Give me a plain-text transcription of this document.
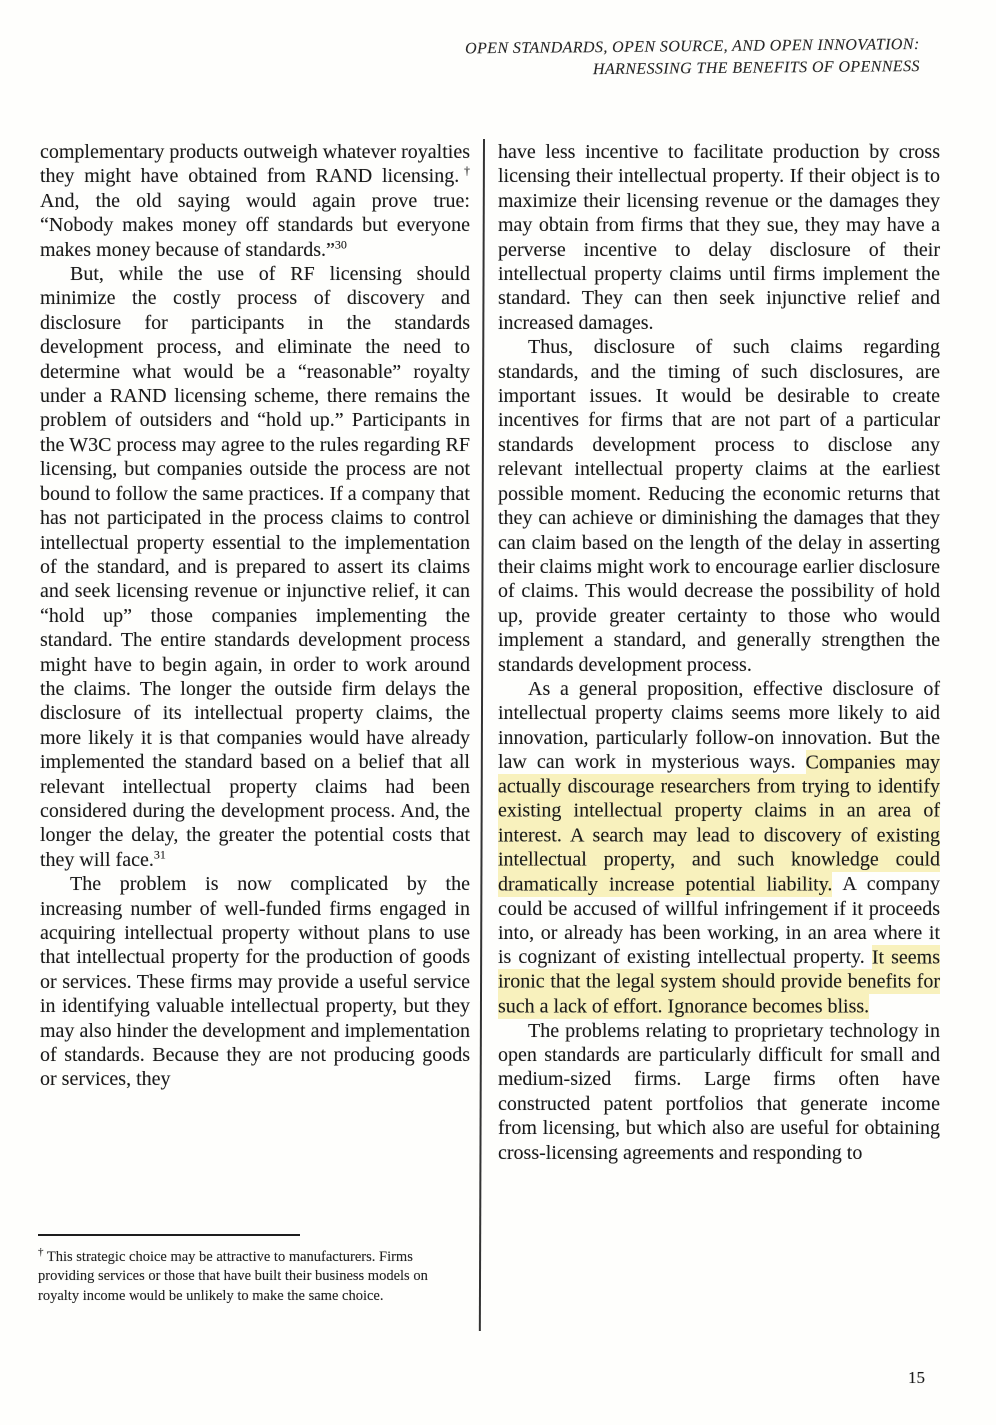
OPEN STANDARDS, OPEN SOURCE, AND OPEN INNOVATION:
HARNESSING THE BENEFITS OF OPENNESS

complementary products outweigh whatever royalties they might have obtained from RAND licensing.† And, the old saying would again prove true: “Nobody makes money off standards but everyone makes money because of standards.”$^{30}$

But, while the use of RF licensing should minimize the costly process of discovery and disclosure for participants in the standards development process, and eliminate the need to determine what would be a “reasonable” royalty under a RAND licensing scheme, there remains the problem of outsiders and “hold up.” Participants in the W3C process may agree to the rules regarding RF licensing, but companies outside the process are not bound to follow the same practices. If a company that has not participated in the process claims to control intellectual property essential to the implementation of the standard, and is prepared to assert its claims and seek licensing revenue or injunctive relief, it can “hold up” those companies implementing the standard. The entire standards development process might have to begin again, in order to work around the claims. The longer the outside firm delays the disclosure of its intellectual property claims, the more likely it is that companies would have already implemented the standard based on a belief that all relevant intellectual property claims had been considered during the development process. And, the longer the delay, the greater the potential costs that they will face.$^{31}$

The problem is now complicated by the increasing number of well-funded firms engaged in acquiring intellectual property without plans to use that intellectual property for the production of goods or services. These firms may provide a useful service in identifying valuable intellectual property, but they may also hinder the development and implementation of standards. Because they are not producing goods or services, they

have less incentive to facilitate production by cross licensing their intellectual property. If their object is to maximize their licensing revenue or the damages they may obtain from firms that they sue, they may have a perverse incentive to delay disclosure of their intellectual property claims until firms implement the standard. They can then seek injunctive relief and increased damages.

Thus, disclosure of such claims regarding standards, and the timing of such disclosures, are important issues. It would be desirable to create incentives for firms that are not part of a particular standards development process to disclose any relevant intellectual property claims at the earliest possible moment. Reducing the economic returns that they can achieve or diminishing the damages that they can claim based on the length of the delay in asserting their claims might work to encourage earlier disclosure of claims. This would decrease the possibility of hold up, provide greater certainty to those who would implement a standard, and generally strengthen the standards development process.

As a general proposition, effective disclosure of intellectual property claims seems more likely to aid innovation, particularly follow-on innovation. But the law can work in mysterious ways. Companies may actually discourage researchers from trying to identify existing intellectual property claims in an area of interest. A search may lead to discovery of existing intellectual property, and such knowledge could dramatically increase potential liability. A company could be accused of willful infringement if it proceeds into, or already has been working, in an area where it is cognizant of existing intellectual property. It seems ironic that the legal system should provide benefits for such a lack of effort. Ignorance becomes bliss.

The problems relating to proprietary technology in open standards are particularly difficult for small and medium-sized firms. Large firms often have constructed patent portfolios that generate income from licensing, but which also are useful for obtaining cross-licensing agreements and responding to

† This strategic choice may be attractive to manufacturers. Firms providing services or those that have built their business models on royalty income would be unlikely to make the same choice.

15
